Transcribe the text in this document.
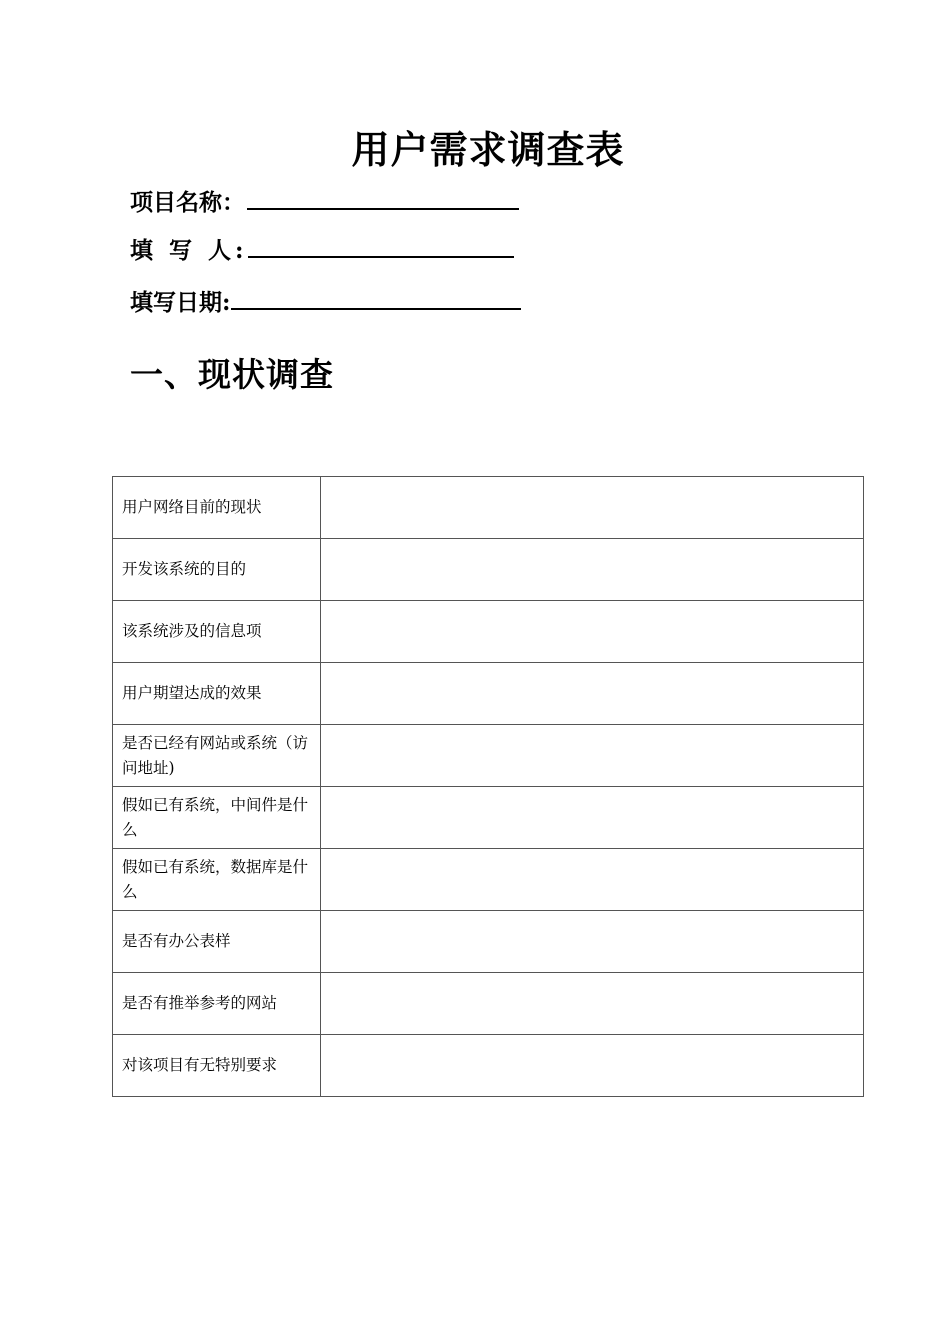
用户需求调查表
项目名称：
填 写 人:
填写日期:
一、现状调查
用户网络目前的现状	
开发该系统的目的	
该系统涉及的信息项	
用户期望达成的效果	
是否已经有网站或系统（访问地址)	
假如已有系统，中间件是什么	
假如已有系统，数据库是什么	
是否有办公表样	
是否有推举参考的网站	
对该项目有无特别要求	
